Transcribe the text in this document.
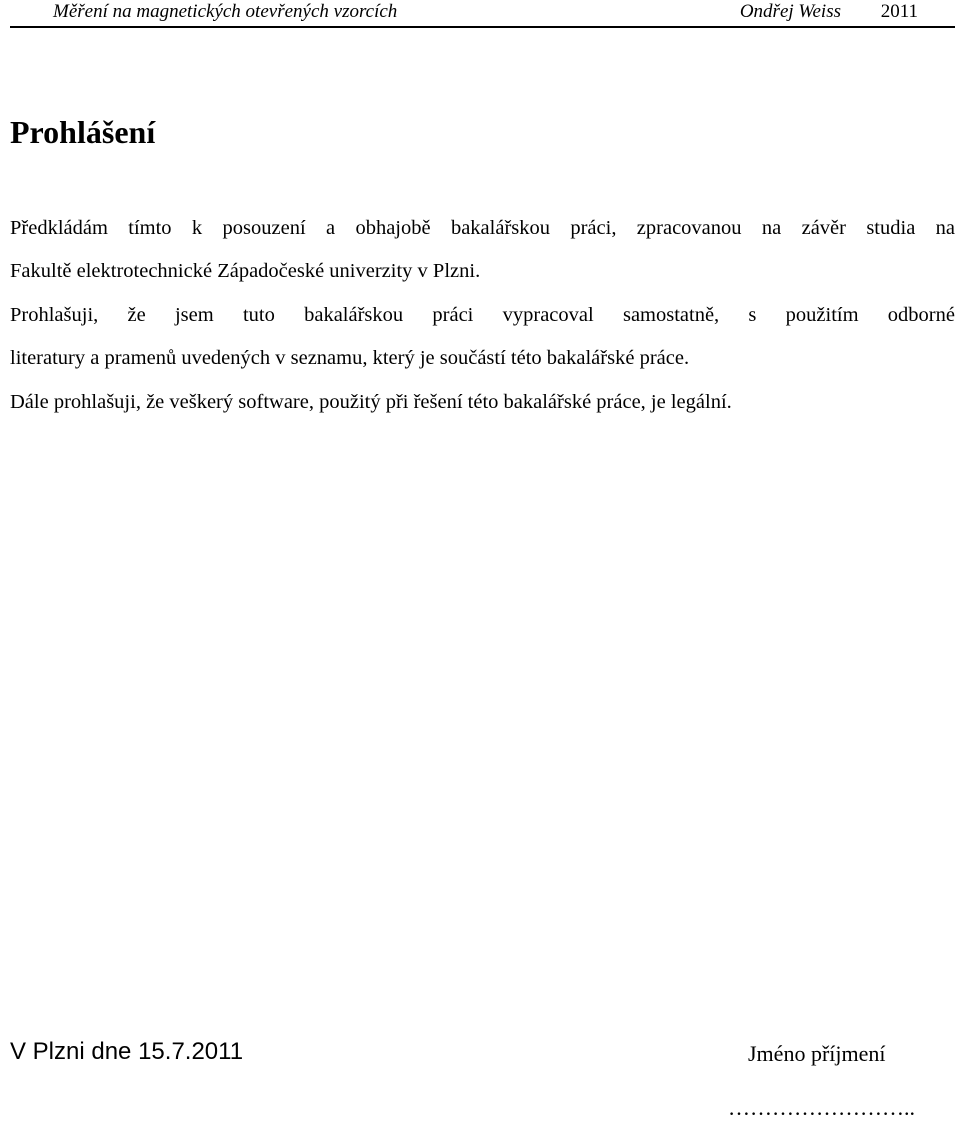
Měření na magnetických otevřených vzorcích	Ondřej Weiss 2011
Prohlášení

Předkládám tímto k posouzení a obhajobě bakalářskou práci, zpracovanou na závěr studia na

Fakultě elektrotechnické Západočeské univerzity v Plzni.

Prohlašuji, že jsem tuto bakalářskou práci vypracoval samostatně, s použitím odborné

literatury a pramenů uvedených v seznamu, který je součástí této bakalářské práce.

Dále prohlašuji, že veškerý software, použitý při řešení této bakalářské práce, je legální.

V Plzni dne 15.7.2011	Jméno příjmení
……………………..
